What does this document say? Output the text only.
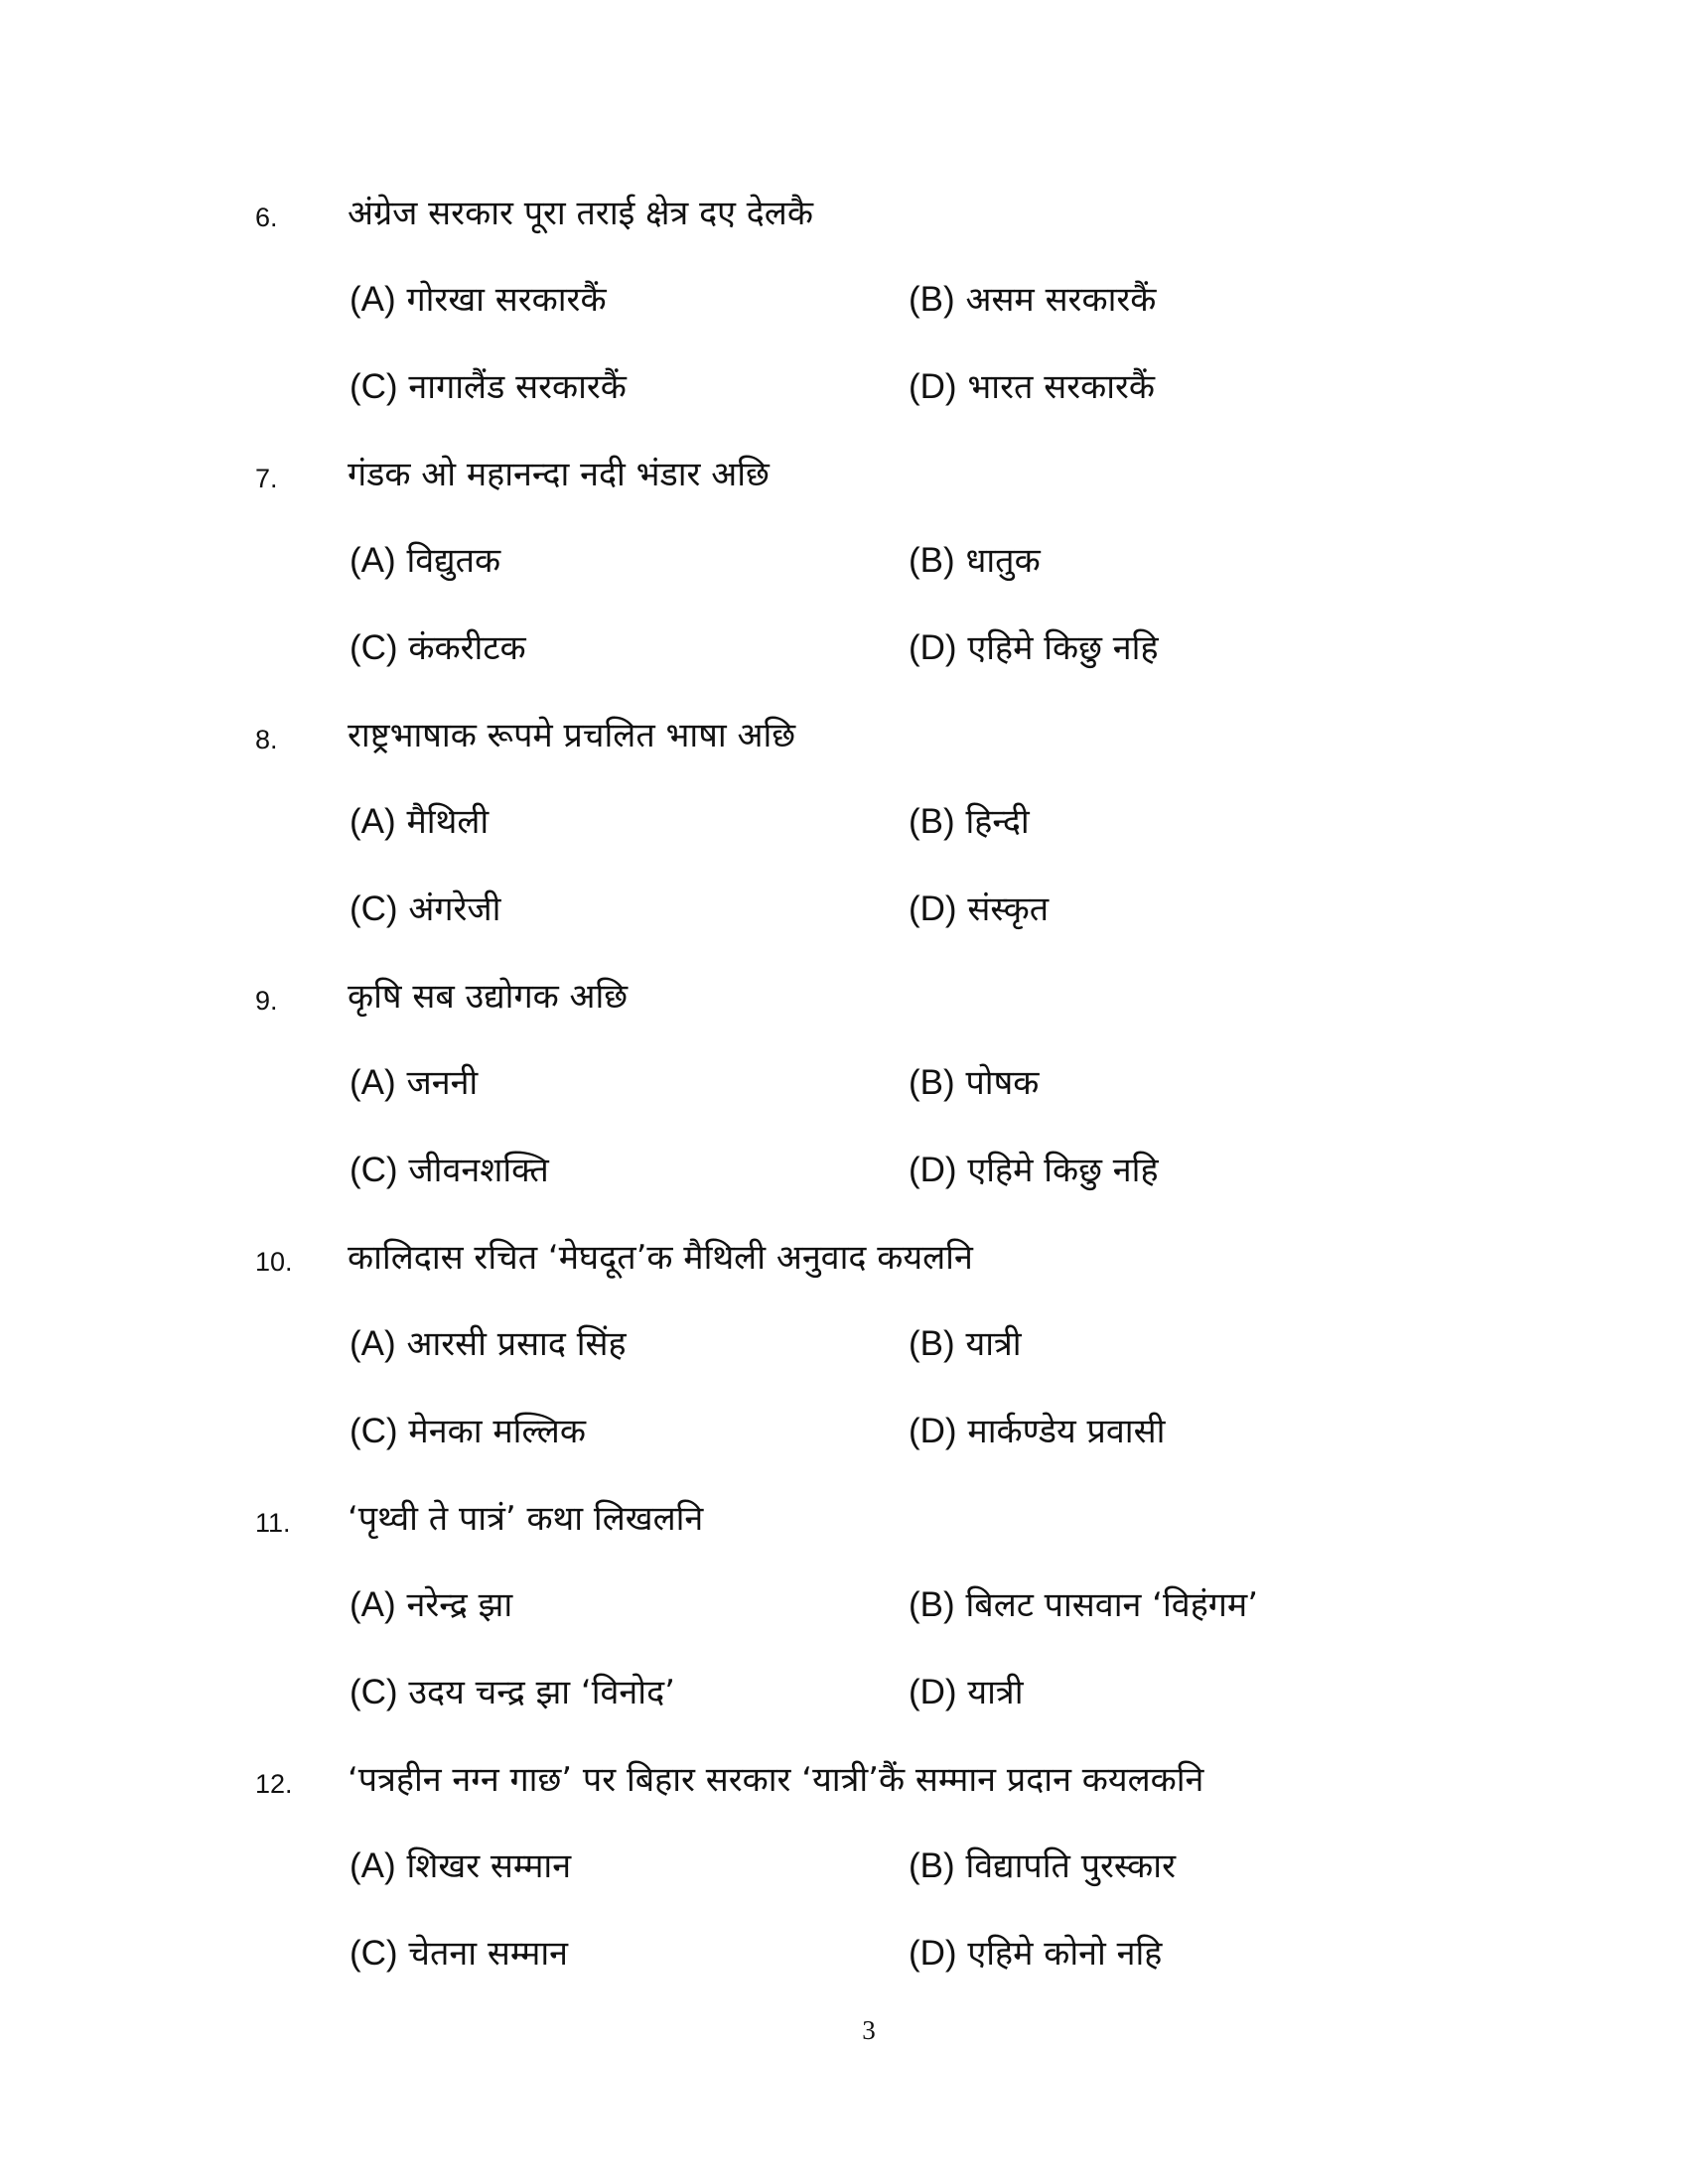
6. अंग्रेज सरकार पूरा तराई क्षेत्र दए देलकै
(A) गोरखा सरकारकैं	(B) असम सरकारकैं
(C) नागालैंड सरकारकैं	(D) भारत सरकारकैं
7. गंडक ओ महानन्दा नदी भंडार अछि
(A) विद्युतक	(B) धातुक
(C) कंकरीटक	(D) एहिमे किछु नहि
8. राष्ट्रभाषाक रूपमे प्रचलित भाषा अछि
(A) मैथिली	(B) हिन्दी
(C) अंगरेजी	(D) संस्कृत
9. कृषि सब उद्योगक अछि
(A) जननी	(B) पोषक
(C) जीवनशक्ति	(D) एहिमे किछु नहि
10. कालिदास रचित ‘मेघदूत’क मैथिली अनुवाद कयलनि
(A) आरसी प्रसाद सिंह	(B) यात्री
(C) मेनका मल्लिक	(D) मार्कण्डेय प्रवासी
11. ‘पृथ्वी ते पात्रं’ कथा लिखलनि
(A) नरेन्द्र झा	(B) बिलट पासवान ‘विहंगम’
(C) उदय चन्द्र झा ‘विनोद’	(D) यात्री
12. ‘पत्रहीन नग्न गाछ’ पर बिहार सरकार ‘यात्री’कैं सम्मान प्रदान कयलकनि
(A) शिखर सम्मान	(B) विद्यापति पुरस्कार
(C) चेतना सम्मान	(D) एहिमे कोनो नहि
3
